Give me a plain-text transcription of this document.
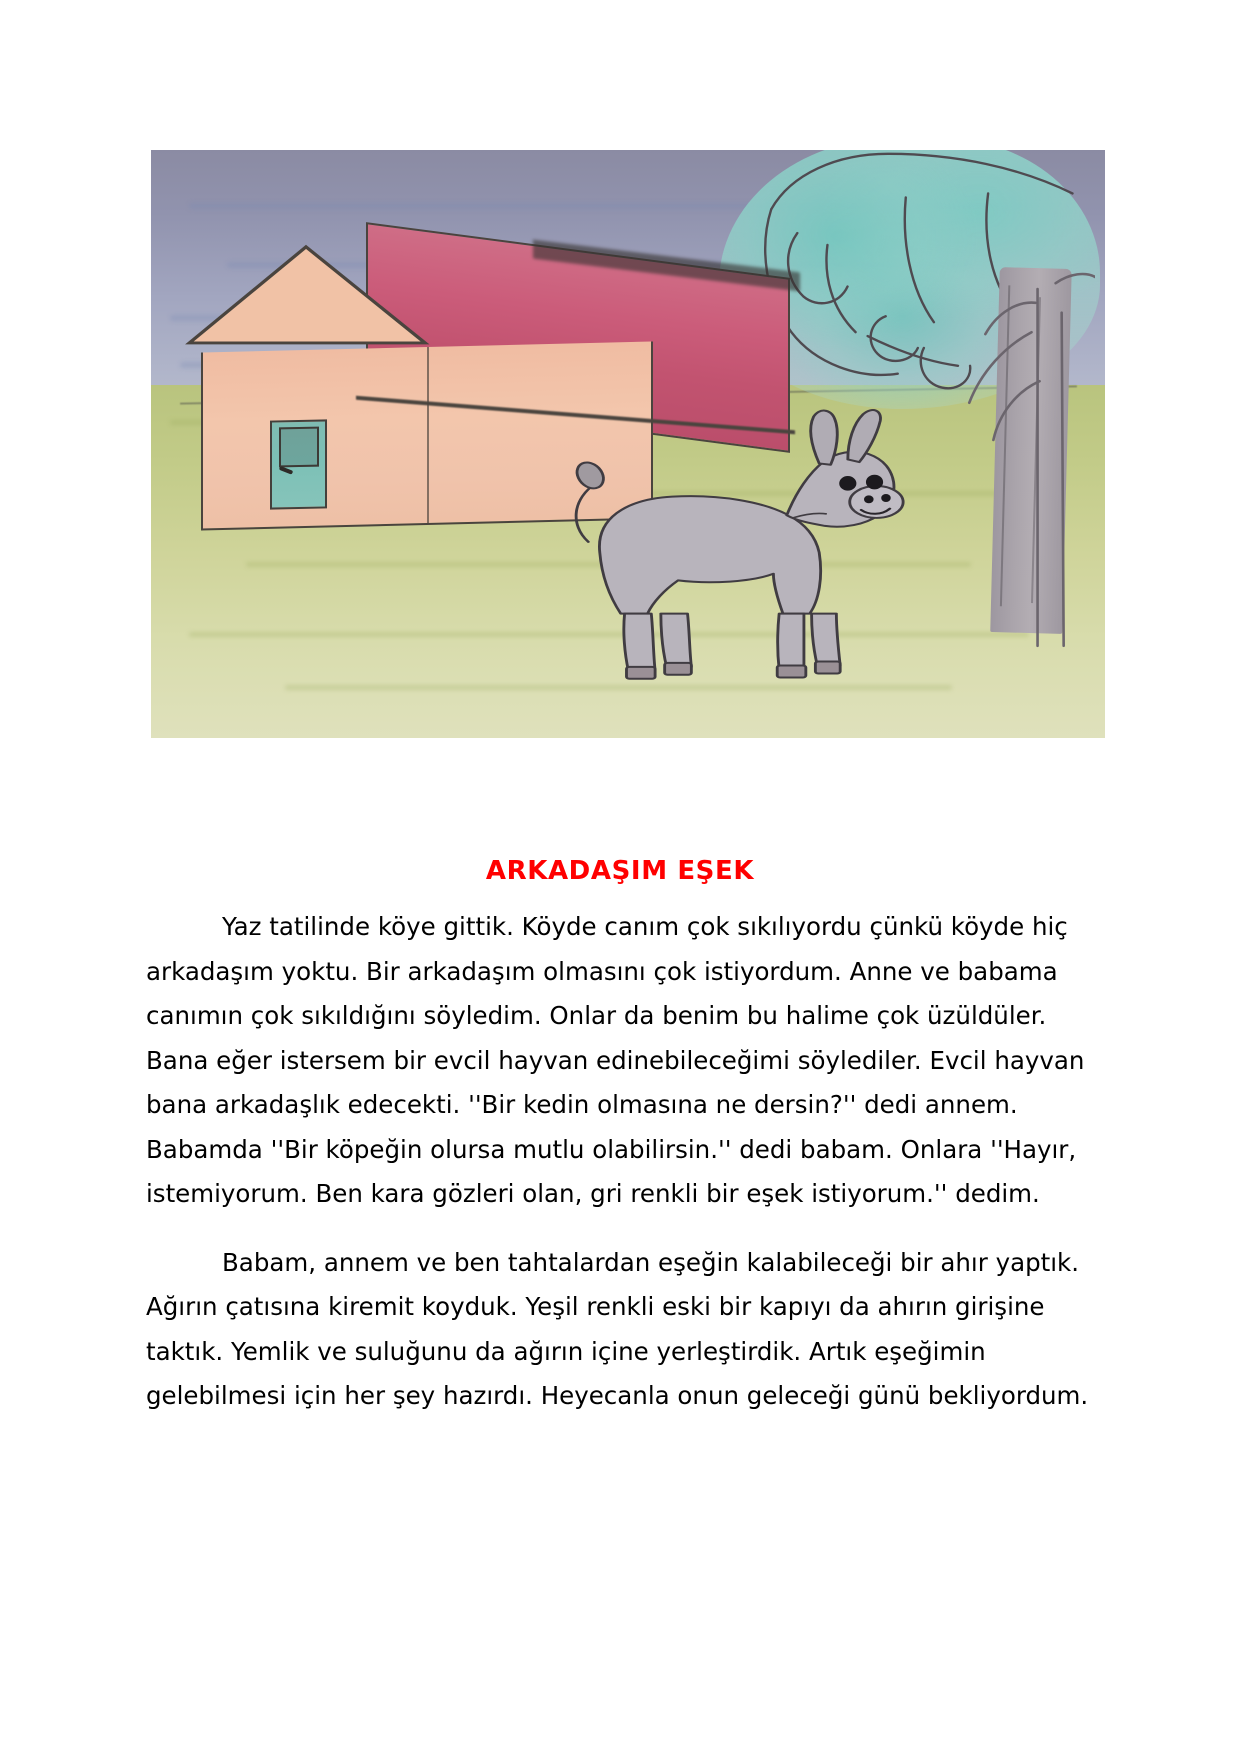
ARKADAŞIM EŞEK

Yaz tatilinde köye gittik. Köyde canım çok sıkılıyordu çünkü köyde hiç arkadaşım yoktu. Bir arkadaşım olmasını çok istiyordum. Anne ve babama canımın çok sıkıldığını söyledim. Onlar da benim bu halime çok üzüldüler. Bana eğer istersem bir evcil hayvan edinebileceğimi söylediler. Evcil hayvan bana arkadaşlık edecekti. ''Bir kedin olmasına ne dersin?'' dedi annem. Babamda ''Bir köpeğin olursa mutlu olabilirsin.'' dedi babam. Onlara ''Hayır, istemiyorum. Ben kara gözleri olan, gri renkli bir eşek istiyorum.'' dedim.

Babam, annem ve ben tahtalardan eşeğin kalabileceği bir ahır yaptık. Ağırın çatısına kiremit koyduk. Yeşil renkli eski bir kapıyı da ahırın girişine taktık. Yemlik ve suluğunu da ağırın içine yerleştirdik. Artık eşeğimin gelebilmesi için her şey hazırdı. Heyecanla onun geleceği günü bekliyordum.
